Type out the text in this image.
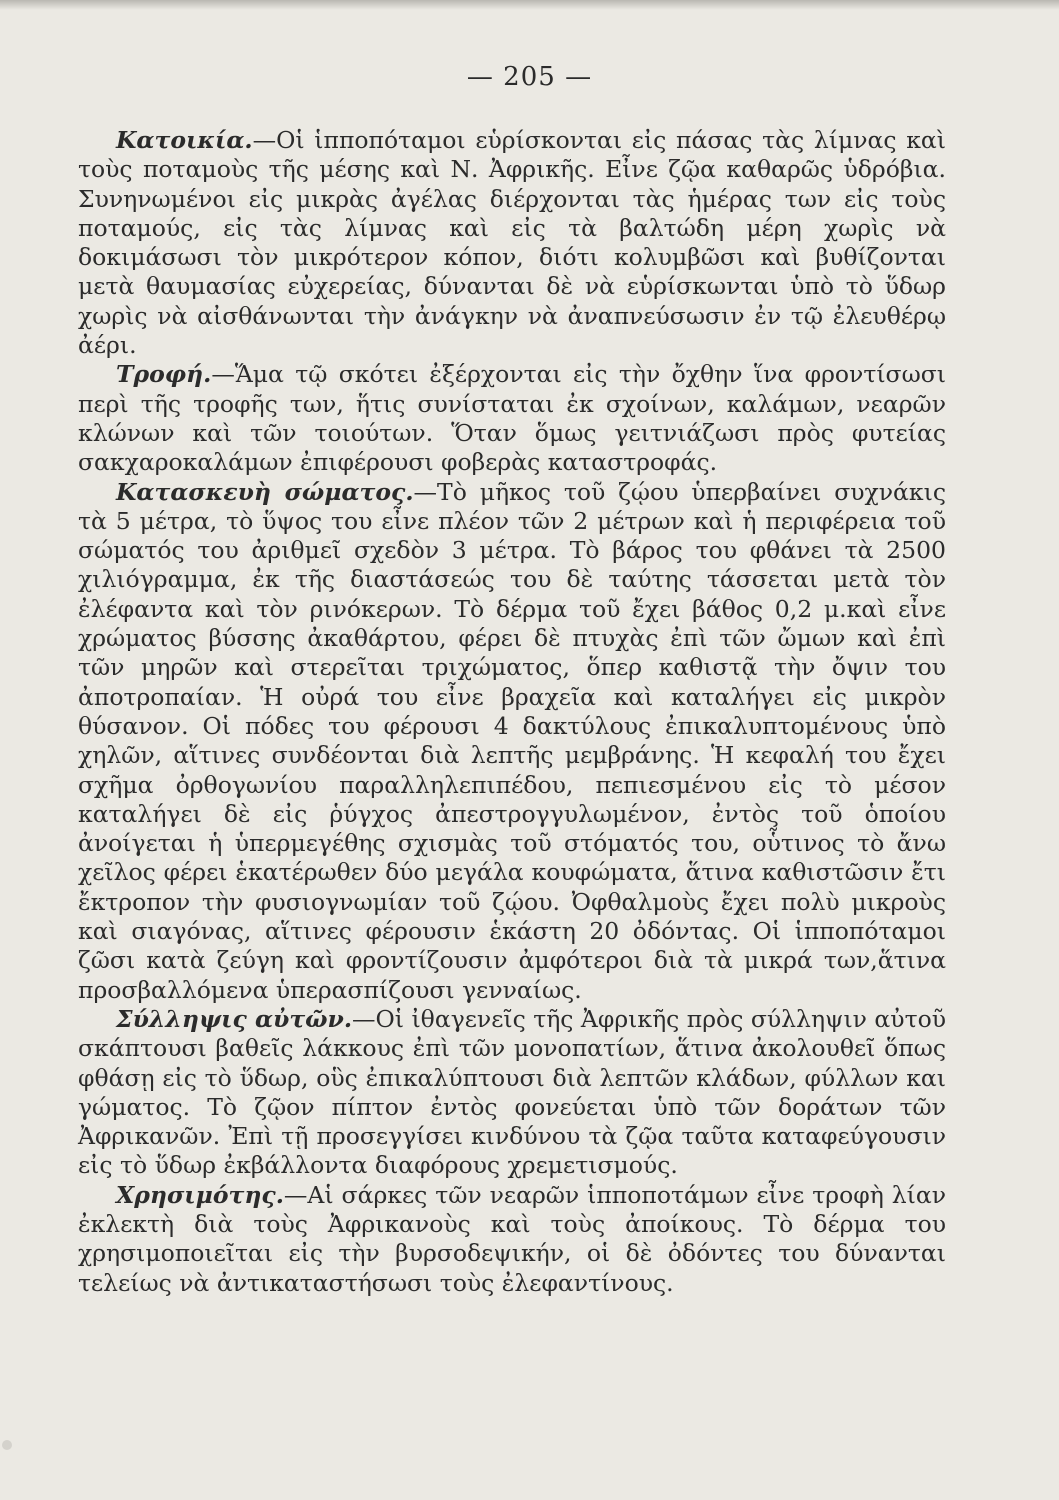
— 205 —

Κατοικία.—Οἱ ἱπποπόταμοι εὑρίσκονται εἰς πάσας τὰς λίμνας καὶ τοὺς ποταμοὺς τῆς μέσης καὶ Ν. Ἀφρικῆς. Εἶνε ζῷα καθαρῶς ὑδρόβια. Συνηνωμένοι εἰς μικρὰς ἀγέλας διέρχονται τὰς ἡμέρας των εἰς τοὺς ποταμούς, εἰς τὰς λίμνας καὶ εἰς τὰ βαλτώδη μέρη χωρὶς νὰ δοκιμάσωσι τὸν μικρότερον κόπον, διότι κολυμβῶσι καὶ βυθίζονται μετὰ θαυμασίας εὐχερείας, δύνανται δὲ νὰ εὑρίσκωνται ὑπὸ τὸ ὕδωρ χωρὶς νὰ αἰσθάνωνται τὴν ἀνάγκην νὰ ἀναπνεύσωσιν ἐν τῷ ἐλευθέρῳ ἀέρι.

Τροφή.—Ἅμα τῷ σκότει ἐξέρχονται εἰς τὴν ὄχθην ἵνα φροντίσωσι περὶ τῆς τροφῆς των, ἥτις συνίσταται ἐκ σχοίνων, καλάμων, νεαρῶν κλώνων καὶ τῶν τοιούτων. Ὅταν ὅμως γειτνιάζωσι πρὸς φυτείας σακχαροκαλάμων ἐπιφέρουσι φοβερὰς καταστροφάς.

Κατασκευὴ σώματος.—Τὸ μῆκος τοῦ ζῴου ὑπερβαίνει συχνάκις τὰ 5 μέτρα, τὸ ὕψος του εἶνε πλέον τῶν 2 μέτρων καὶ ἡ περιφέρεια τοῦ σώματός του ἀριθμεῖ σχεδὸν 3 μέτρα. Τὸ βάρος του φθάνει τὰ 2500 χιλιόγραμμα, ἐκ τῆς διαστάσεώς του δὲ ταύτης τάσσεται μετὰ τὸν ἐλέφαντα καὶ τὸν ρινόκερων. Τὸ δέρμα τοῦ ἔχει βάθος 0,2 μ.καὶ εἶνε χρώματος βύσσης ἀκαθάρτου, φέρει δὲ πτυχὰς ἐπὶ τῶν ὤμων καὶ ἐπὶ τῶν μηρῶν καὶ στερεῖται τριχώματος, ὅπερ καθιστᾷ τὴν ὄψιν του ἀποτροπαίαν. Ἡ οὐρά του εἶνε βραχεῖα καὶ καταλήγει εἰς μικρὸν θύσανον. Οἱ πόδες του φέρουσι 4 δακτύλους ἐπικαλυπτομένους ὑπὸ χηλῶν, αἵτινες συνδέονται διὰ λεπτῆς μεμβράνης. Ἡ κεφαλή του ἔχει σχῆμα ὀρθογωνίου παραλληλεπιπέδου, πεπιεσμένου εἰς τὸ μέσον καταλήγει δὲ εἰς ῥύγχος ἀπεστρογγυλωμένον, ἐντὸς τοῦ ὁποίου ἀνοίγεται ἡ ὑπερμεγέθης σχισμὰς τοῦ στόματός του, οὗτινος τὸ ἄνω χεῖλος φέρει ἑκατέρωθεν δύο μεγάλα κουφώματα, ἅτινα καθιστῶσιν ἔτι ἔκτροπον τὴν φυσιογνωμίαν τοῦ ζῴου. Ὀφθαλμοὺς ἔχει πολὺ μικροὺς καὶ σιαγόνας, αἵτινες φέρουσιν ἑκάστη 20 ὀδόντας. Οἱ ἱπποπόταμοι ζῶσι κατὰ ζεύγη καὶ φροντίζουσιν ἀμφότεροι διὰ τὰ μικρά των,ἅτινα προσβαλλόμενα ὑπερασπίζουσι γενναίως.

Σύλληψις αὐτῶν.—Οἱ ἰθαγενεῖς τῆς Ἀφρικῆς πρὸς σύλληψιν αὐτοῦ σκάπτουσι βαθεῖς λάκκους ἐπὶ τῶν μονοπατίων, ἅτινα ἀκολουθεῖ ὅπως φθάσῃ εἰς τὸ ὕδωρ, οὓς ἐπικαλύπτουσι διὰ λεπτῶν κλάδων, φύλλων και γώματος. Τὸ ζῷον πίπτον ἐντὸς φονεύεται ὑπὸ τῶν δοράτων τῶν Ἀφρικανῶν. Ἐπὶ τῇ προσεγγίσει κινδύνου τὰ ζῷα ταῦτα καταφεύγουσιν εἰς τὸ ὕδωρ ἐκβάλλοντα διαφόρους χρεμετισμούς.

Χρησιμότης.—Αἱ σάρκες τῶν νεαρῶν ἱπποποτάμων εἶνε τροφὴ λίαν ἐκλεκτὴ διὰ τοὺς Ἀφρικανοὺς καὶ τοὺς ἀποίκους. Τὸ δέρμα του χρησιμοποιεῖται εἰς τὴν βυρσοδεψικήν, οἱ δὲ ὀδόντες του δύνανται τελείως νὰ ἀντικαταστήσωσι τοὺς ἐλεφαντίνους.
